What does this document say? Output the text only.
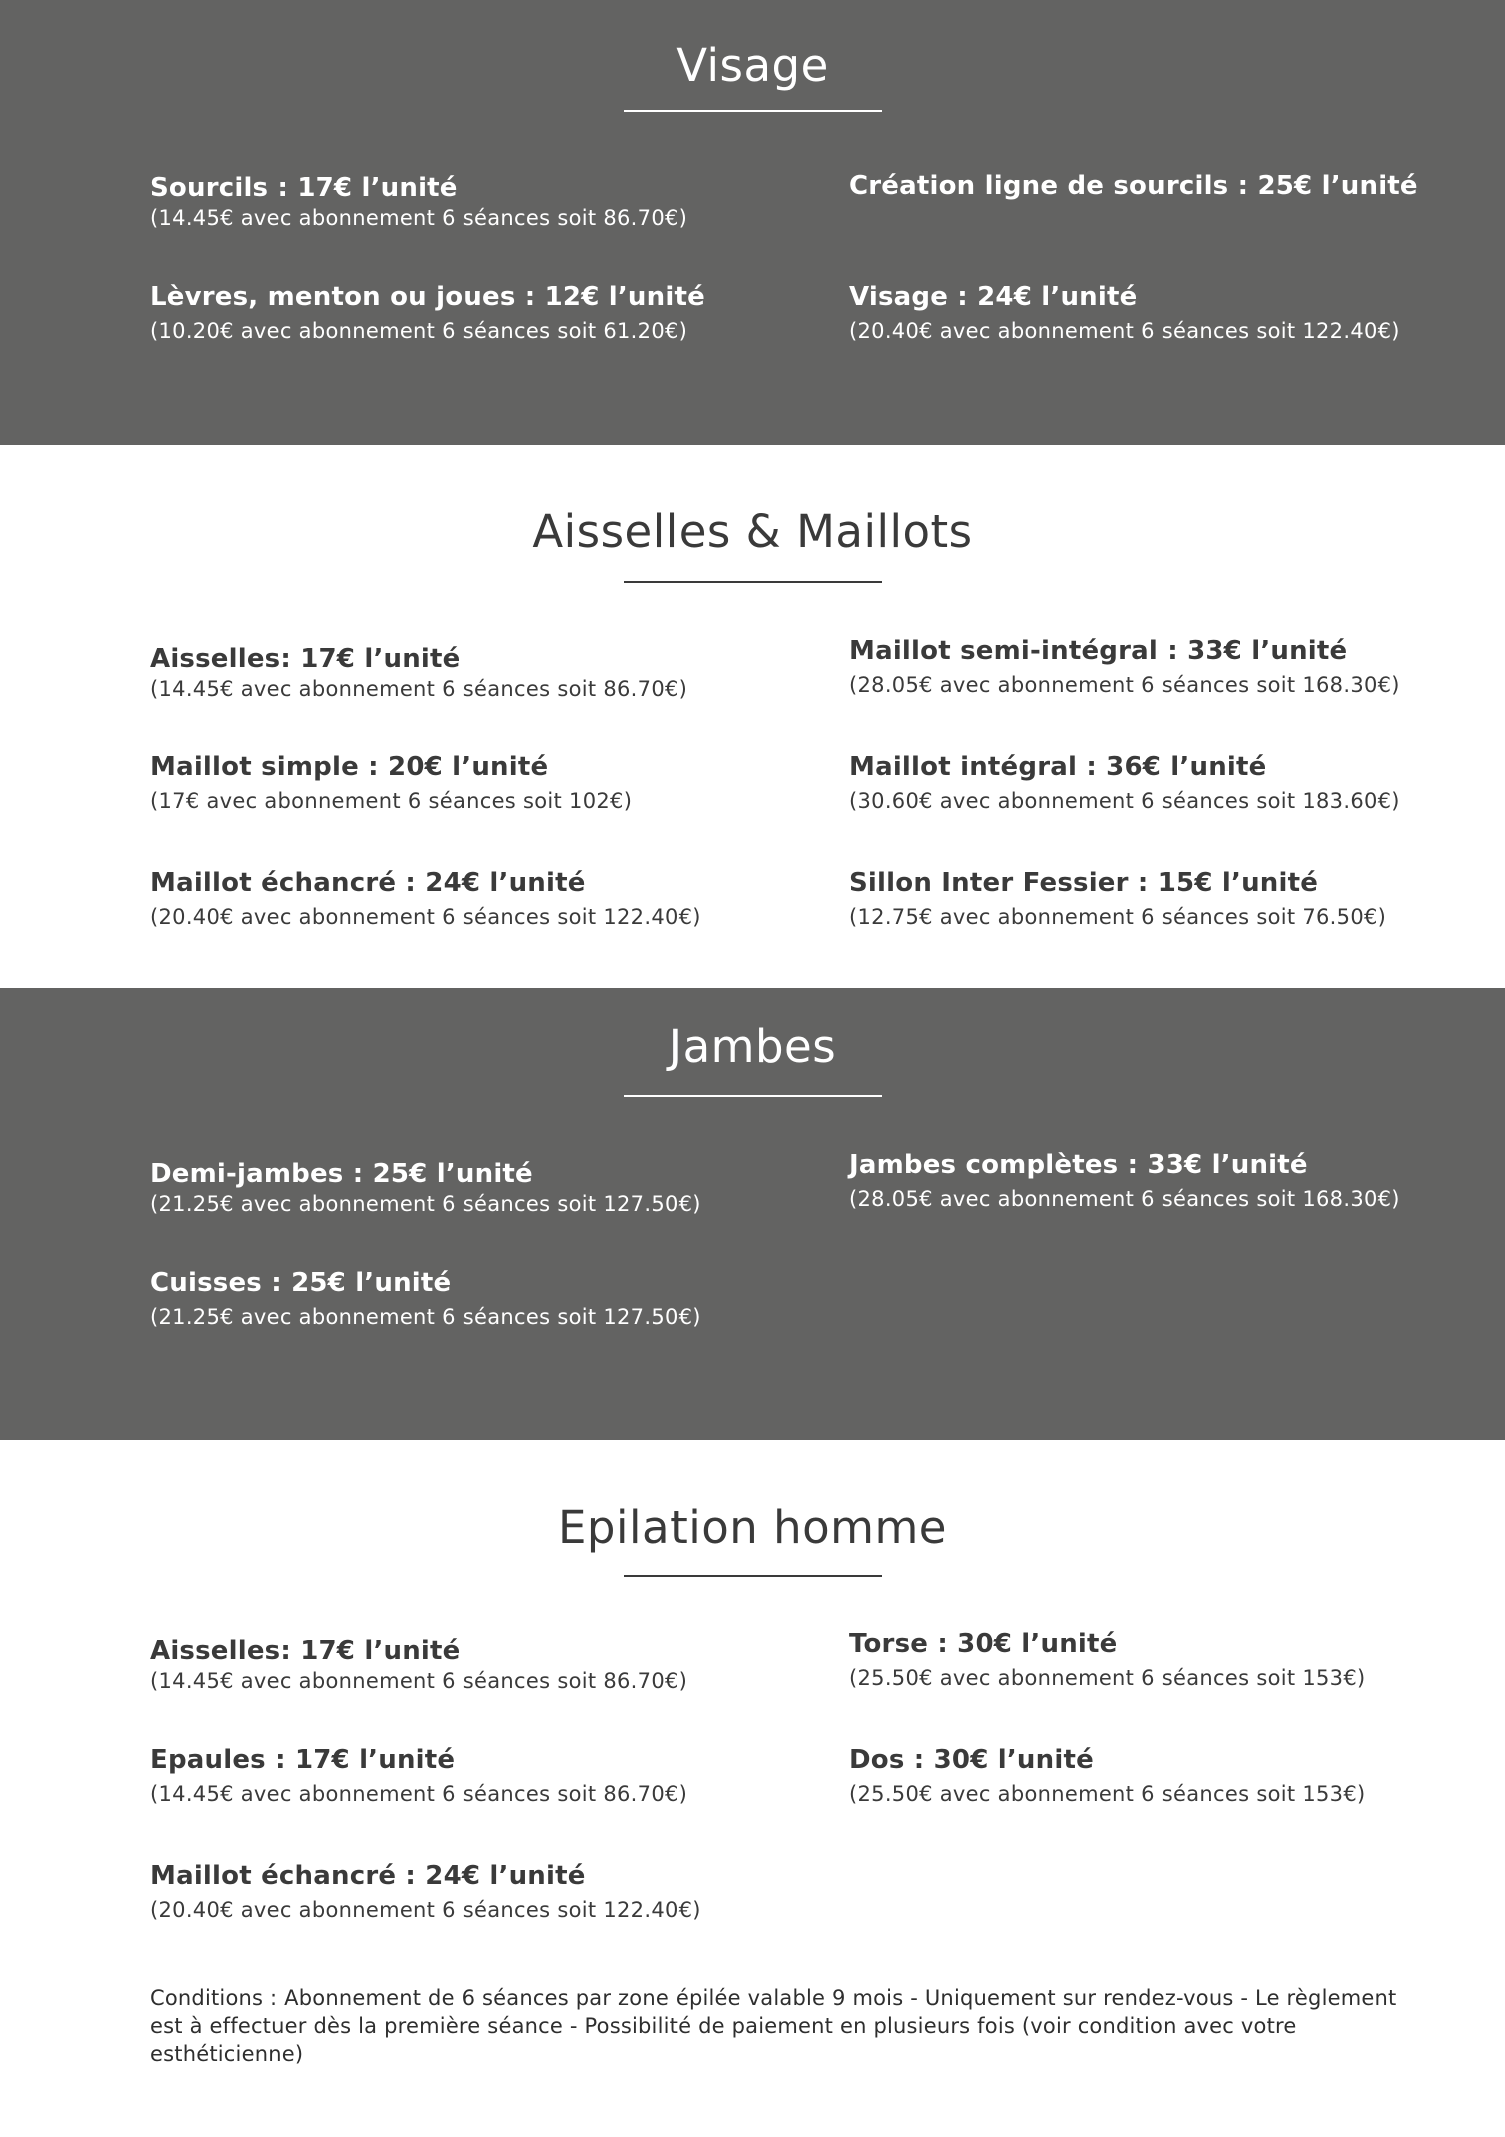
Visage
Sourcils : 17€ l’unité
(14.45€ avec abonnement 6 séances soit 86.70€)
Création ligne de sourcils : 25€ l’unité
Lèvres, menton ou joues : 12€ l’unité
(10.20€ avec abonnement 6 séances soit 61.20€)
Visage : 24€ l’unité
(20.40€ avec abonnement 6 séances soit 122.40€)
Aisselles & Maillots
Aisselles: 17€ l’unité
(14.45€ avec abonnement 6 séances soit 86.70€)
Maillot semi-intégral : 33€ l’unité
(28.05€ avec abonnement 6 séances soit 168.30€)
Maillot simple : 20€ l’unité
(17€ avec abonnement 6 séances soit 102€)
Maillot intégral : 36€ l’unité
(30.60€ avec abonnement 6 séances soit 183.60€)
Maillot échancré : 24€ l’unité
(20.40€ avec abonnement 6 séances soit 122.40€)
Sillon Inter Fessier : 15€ l’unité
(12.75€ avec abonnement 6 séances soit 76.50€)
Jambes
Demi-jambes : 25€ l’unité
(21.25€ avec abonnement 6 séances soit 127.50€)
Jambes complètes : 33€ l’unité
(28.05€ avec abonnement 6 séances soit 168.30€)
Cuisses : 25€ l’unité
(21.25€ avec abonnement 6 séances soit 127.50€)
Epilation homme
Aisselles: 17€ l’unité
(14.45€ avec abonnement 6 séances soit 86.70€)
Torse : 30€ l’unité
(25.50€ avec abonnement 6 séances soit 153€)
Epaules : 17€ l’unité
(14.45€ avec abonnement 6 séances soit 86.70€)
Dos : 30€ l’unité
(25.50€ avec abonnement 6 séances soit 153€)
Maillot échancré : 24€ l’unité
(20.40€ avec abonnement 6 séances soit 122.40€)

Conditions : Abonnement de 6 séances par zone épilée valable 9 mois - Uniquement sur rendez-vous - Le règlement est à effectuer dès la première séance - Possibilité de paiement en plusieurs fois (voir condition avec votre esthéticienne)
